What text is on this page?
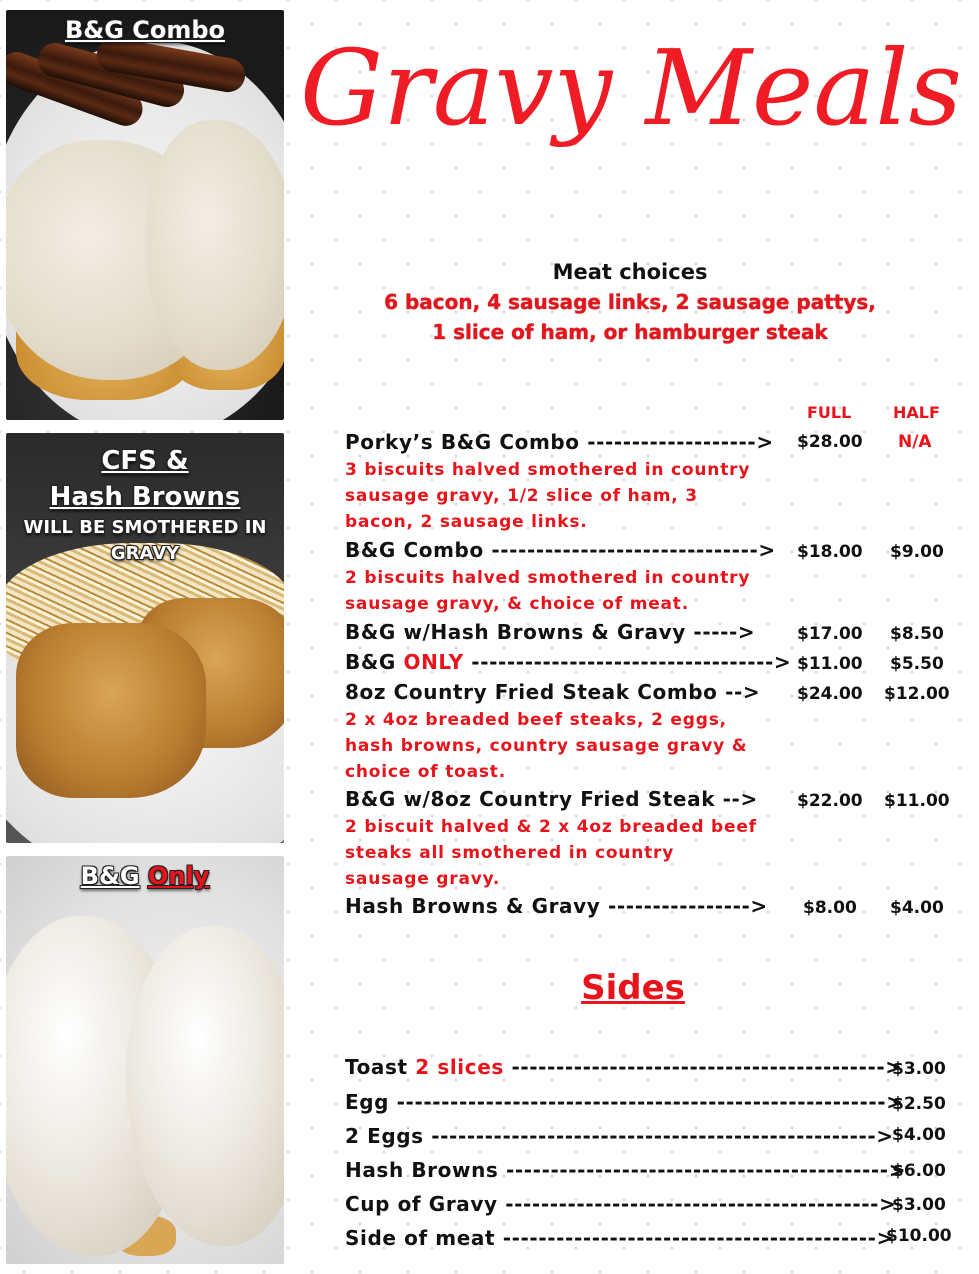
B&G Combo
CFS &
Hash Browns
WILL BE SMOTHERED IN
GRAVY
B&G Only
Gravy Meals
Meat choices
6 bacon, 4 sausage links, 2 sausage pattys,
1 slice of ham, or hamburger steak
FULL	HALF
Porky’s B&G Combo -------------------> $28.00 N/A
3 biscuits halved smothered in country
sausage gravy, 1/2 slice of ham, 3
bacon, 2 sausage links.
B&G Combo ------------------------------> $18.00 $9.00
2 biscuits halved smothered in country
sausage gravy, & choice of meat.
B&G w/Hash Browns & Gravy -----> $17.00 $8.50
B&G ONLY ----------------------------------> $11.00 $5.50
8oz Country Fried Steak Combo --> $24.00 $12.00
2 x 4oz breaded beef steaks, 2 eggs,
hash browns, country sausage gravy &
choice of toast.
B&G w/8oz Country Fried Steak --> $22.00 $11.00
2 biscuit halved & 2 x 4oz breaded beef
steaks all smothered in country
sausage gravy.
Hash Browns & Gravy ----------------> $8.00 $4.00
Sides
Toast 2 slices ------------------------------------------>
$3.00
Egg ------------------------------------------------------->
$2.50
2 Eggs -------------------------------------------------->
$4.00
Hash Browns ------------------------------------------->
$6.00
Cup of Gravy ------------------------------------------>
$3.00
Side of meat ------------------------------------------>
$10.00
